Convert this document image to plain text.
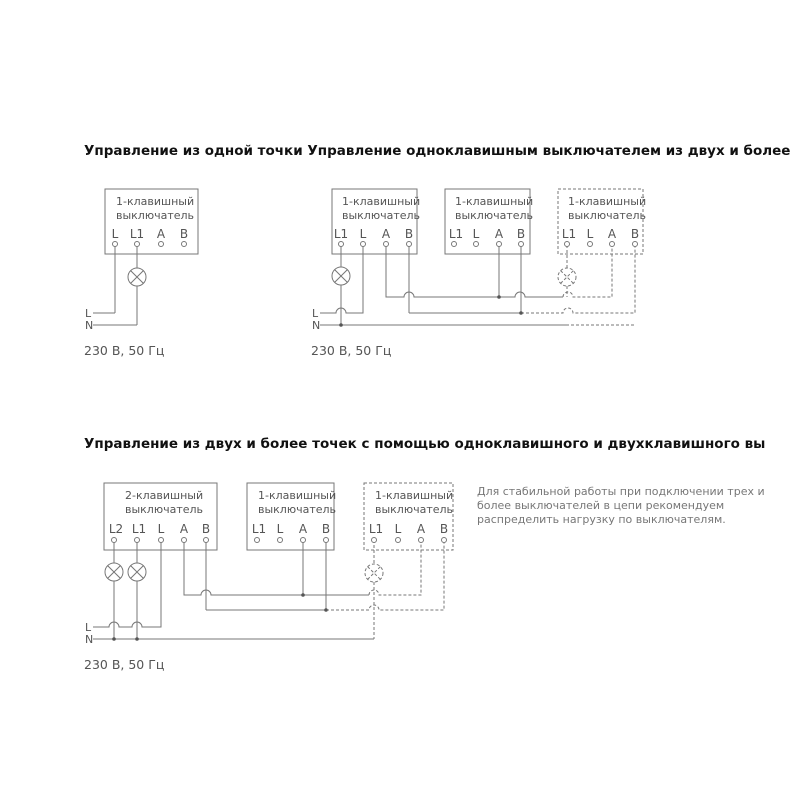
Управление из одной точки Управление одноклавишным выключателем из двух и более
Управление из двух и более точек с помощью одноклавишного и двухклавишного вы
1-клавишный
выключатель
L L1 A B
L
N
230 В, 50 Гц
1-клавишный
выключатель
1-клавишный
выключатель
1-клавишный
выключатель
L1 L A B	L1 L A B	L1 L A B
L
N
230 В, 50 Гц
2-клавишный
выключатель
1-клавишный
выключатель
1-клавишный
выключатель
L2 L1 L A B	L1 L A B	L1 L A B
L
N
230 В, 50 Гц

Для стабильной работы при подключении трех и более выключателей в цепи рекомендуем распределить нагрузку по выключателям.
